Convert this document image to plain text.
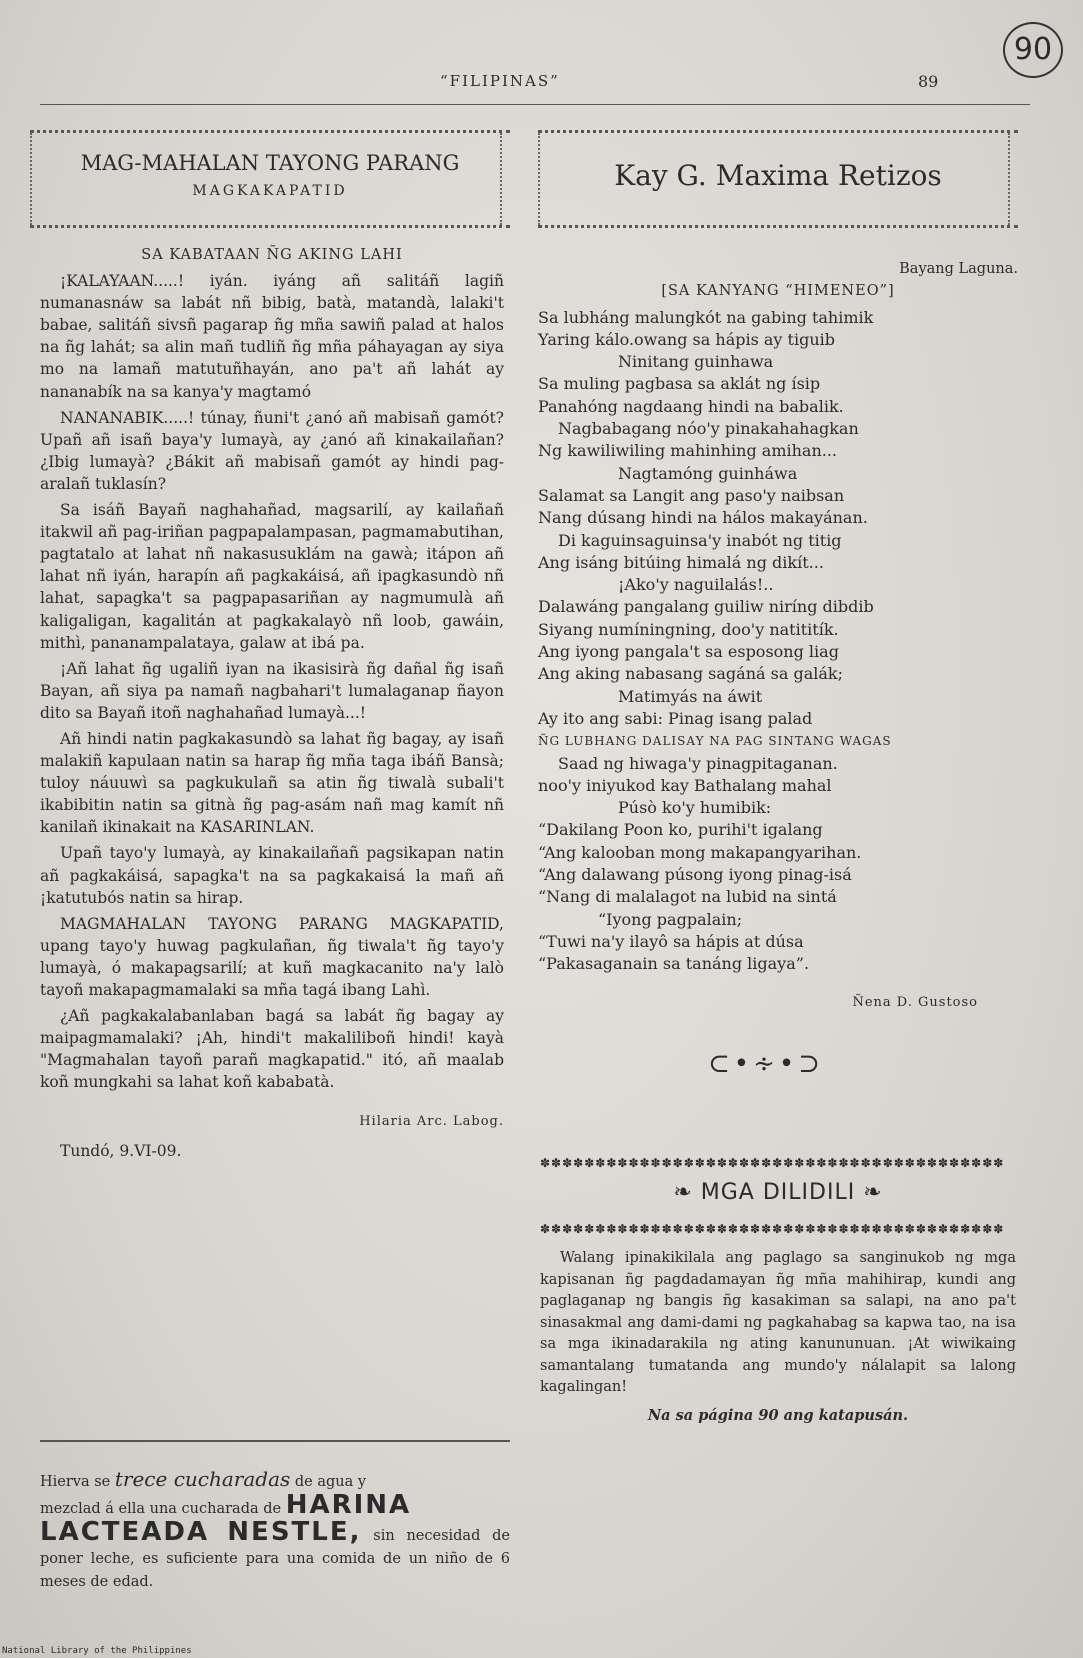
“FILIPINAS”	89
90
MAG-MAHALAN TAYONG PARANG
MAGKAKAPATID	Kay G. Maxima Retizos
SA KABATAAN ÑG AKING LAHI

¡KALAYAAN.....! iyán. iyáng añ salitáñ lagiñ numanasnáw sa labát nñ bibig, batà, matandà, lalaki't babae, salitáñ sivsñ pagarap ñg mña sawiñ palad at halos na ñg lahát; sa alin mañ tudliñ ñg mña páhayagan ay siya mo na lamañ matutuñhayán, ano pa't añ lahát ay nananabík na sa kanya'y magtamó

NANANABIK.....! túnay, ñuni't ¿anó añ mabisañ gamót? Upañ añ isañ baya'y lumayà, ay ¿anó añ kinakailañan? ¿Ibig lumayà? ¿Bákit añ mabisañ gamót ay hindi pag-aralañ tuklasín?

Sa isáñ Bayañ naghahañad, magsarilí, ay kailañañ itakwil añ pag-iriñan pagpapalampasan, pagmamabutihan, pagtatalo at lahat nñ nakasusuklám na gawà; itápon añ lahat nñ iyán, harapín añ pagkakáisá, añ ipagkasundò nñ lahat, sapagka't sa pagpapasariñan ay nagmumulà añ kaligaligan, kagalitán at pagkakalayò nñ loob, gawáin, mithì, pananampalataya, galaw at ibá pa.

¡Añ lahat ñg ugaliñ iyan na ikasisirà ñg dañal ñg isañ Bayan, añ siya pa namañ nagbahari't lumalaganap ñayon dito sa Bayañ itoñ naghahañad lumayà...!

Añ hindi natin pagkakasundò sa lahat ñg bagay, ay isañ malakiñ kapulaan natin sa harap ñg mña taga ibáñ Bansà; tuloy náuuwì sa pagkukulañ sa atin ñg tiwalà subali't ikabibitin natin sa gitnà ñg pag-asám nañ mag kamít nñ kanilañ ikinakait na KASARINLAN.

Upañ tayo'y lumayà, ay kinakailañañ pagsikapan natin añ pagkakáisá, sapagka't na sa pagkakaisá la mañ añ ¡katutubós natin sa hirap.

MAGMAHALAN TAYONG PARANG MAGKAPATID, upang tayo'y huwag pagkulañan, ñg tiwala't ñg tayo'y lumayà, ó makapagsarilí; at kuñ magkacanito na'y lalò tayoñ makapagmamalaki sa mña tagá ibang Lahì.

¿Añ pagkakalabanlaban bagá sa labát ñg bagay ay maipagmamalaki? ¡Ah, hindi't makaliliboñ hindi! kayà "Magmahalan tayoñ parañ magkapatid." itó, añ maalab koñ mungkahi sa lahat koñ kababatà.

Hilaria Arc. Labog.
Tundó, 9.VI-09.
Hierva se trece cucharadas de agua y
mezclad á ella una cucharada de HARINA
LACTEADA NESTLE, sin necesidad de poner leche, es suficiente para una comida de un niño de 6 meses de edad.
Bayang Laguna.
[SA KANYANG “HIMENEO”]
Sa lubháng malungkót na gabing tahimik
Yaring kálo.owang sa hápis ay tiguib
Ninitang guinhawa
Sa muling pagbasa sa aklát ng ísip
Panahóng nagdaang hindi na babalik.
Nagbabagang nóo'y pinakahahagkan
Ng kawiliwiling mahinhing amihan...
Nagtamóng guinháwa
Salamat sa Langit ang paso'y naibsan
Nang dúsang hindi na hálos makayánan.
Di kaguinsaguinsa'y inabót ng titig
Ang isáng bitúing himalá ng dikít...
¡Ako'y naguilalás!..
Dalawáng pangalang guiliw niríng dibdib
Siyang numíningning, doo'y natititík.
Ang iyong pangala't sa esposong liag
Ang aking nabasang sagáná sa galák;
Matimyás na áwit
Ay ito ang sabi: Pinag isang palad
ÑG LUBHANG DALISAY NA PAG SINTANG WAGAS
Saad ng hiwaga'y pinagpitaganan.
noo'y iniyukod kay Bathalang mahal
Púsò ko'y humibik:
“Dakilang Poon ko, purihi't igalang
“Ang kalooban mong makapangyarihan.
“Ang dalawang púsong iyong pinag-isá
“Nang di malalagot na lubid na sintá
“Iyong pagpalain;
“Tuwi na'y ilayô sa hápis at dúsa
“Pakasaganain sa tanáng ligaya”.
Ñena D. Gustoso
⊂•∻•⊃
✽✽✽✽✽✽✽✽✽✽✽✽✽✽✽✽✽✽✽✽✽✽✽✽✽✽✽✽✽✽✽✽✽✽✽✽✽✽✽✽✽✽
❧ MGA DILIDILI ❧
✽✽✽✽✽✽✽✽✽✽✽✽✽✽✽✽✽✽✽✽✽✽✽✽✽✽✽✽✽✽✽✽✽✽✽✽✽✽✽✽✽✽

Walang ipinakikilala ang paglago sa sanginukob ng mga kapisanan ñg pagdadamayan ñg mña mahihirap, kundi ang paglaganap ng bangis ñg kasakiman sa salapi, na ano pa't sinasakmal ang dami-dami ng pagkahabag sa kapwa tao, na isa sa mga ikinadarakila ng ating kanununuan. ¡At wiwikaing samantalang tumatanda ang mundo'y nálalapit sa lalong kagalingan!

Na sa página 90 ang katapusán.
National Library of the Philippines
